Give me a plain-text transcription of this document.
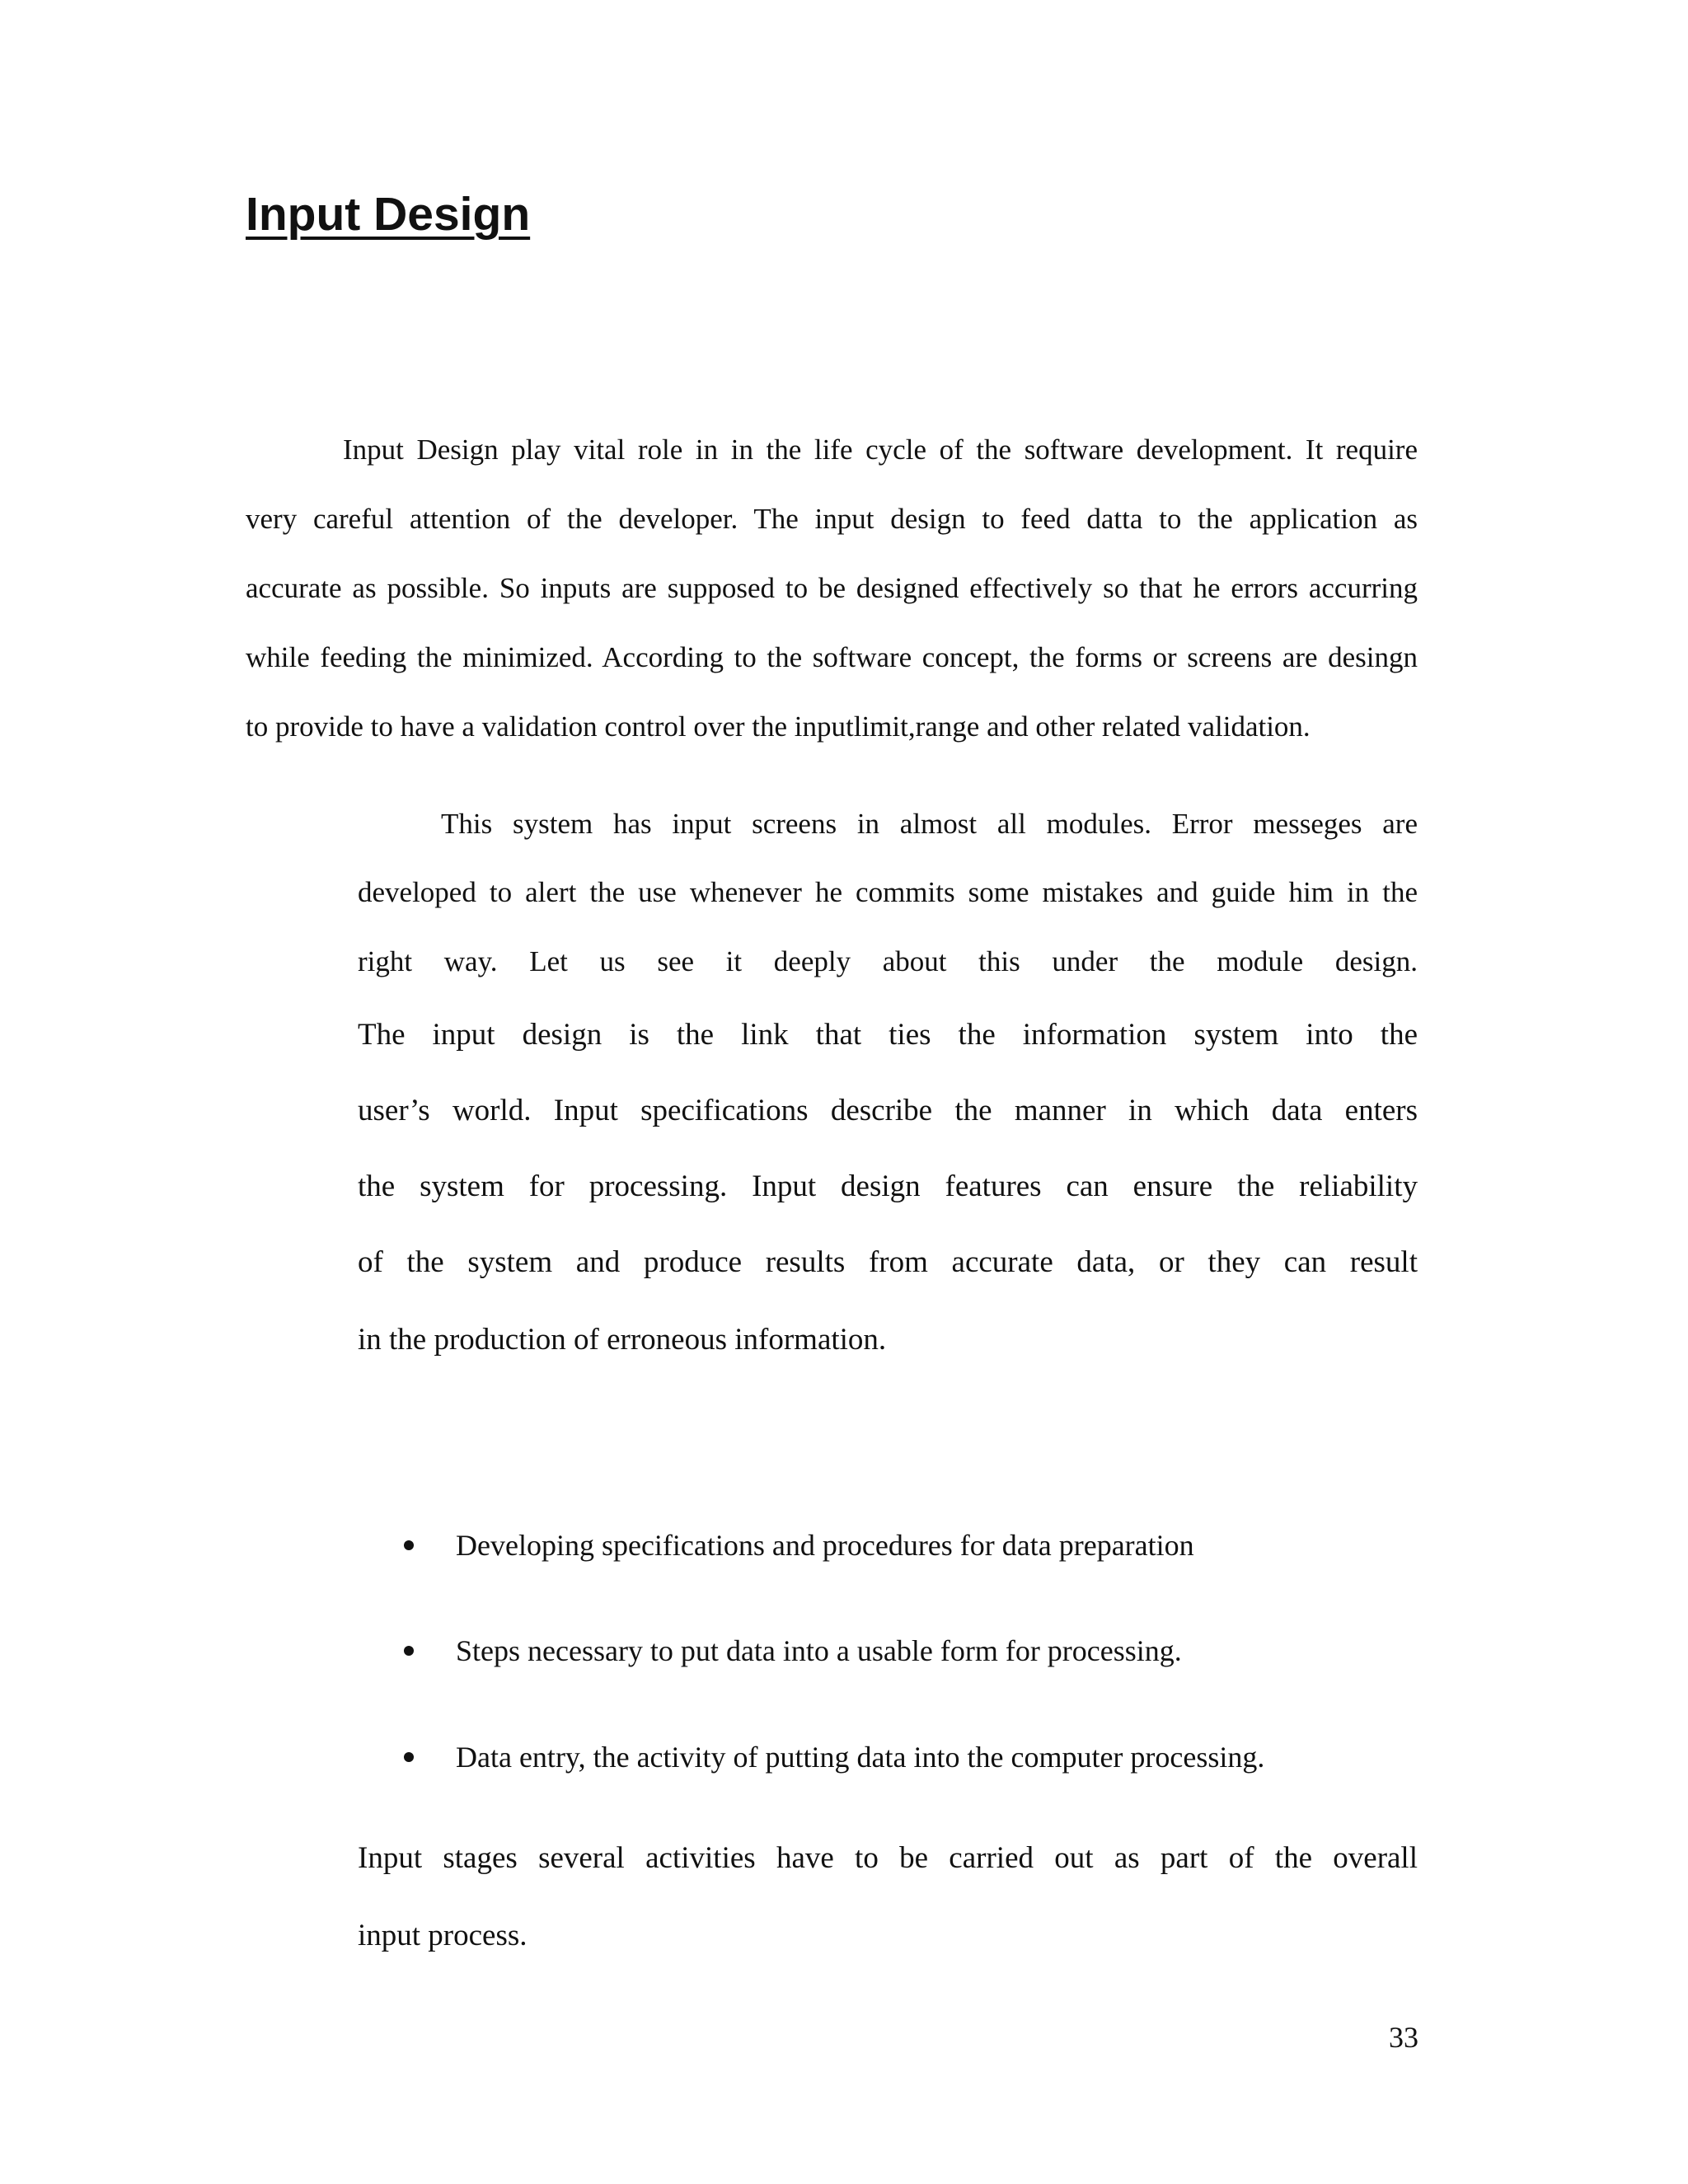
Input Design

Input Design play vital role in in the life cycle of the software development. It require

very careful attention of the developer. The input design to feed datta to the application as

accurate as possible. So inputs are supposed to be designed effectively so that he errors accurring

while feeding the minimized. According to the software concept, the forms or screens are desingn

to provide to have a validation control over the inputlimit,range and other related validation.

This system has input screens in almost all modules. Error messeges are

developed to alert the use whenever he commits some mistakes and guide him in the

right way. Let us see it deeply about this under the module design.

The input design is the link that ties the information system into the

user’s world. Input specifications describe the manner in which data enters

the system for processing. Input design features can ensure the reliability

of the system and produce results from accurate data, or they can result

in the production of erroneous information.

Developing specifications and procedures for data preparation
Steps necessary to put data into a usable form for processing.
Data entry, the activity of putting data into the computer processing.

Input stages several activities have to be carried out as part of the overall

input process.

33
